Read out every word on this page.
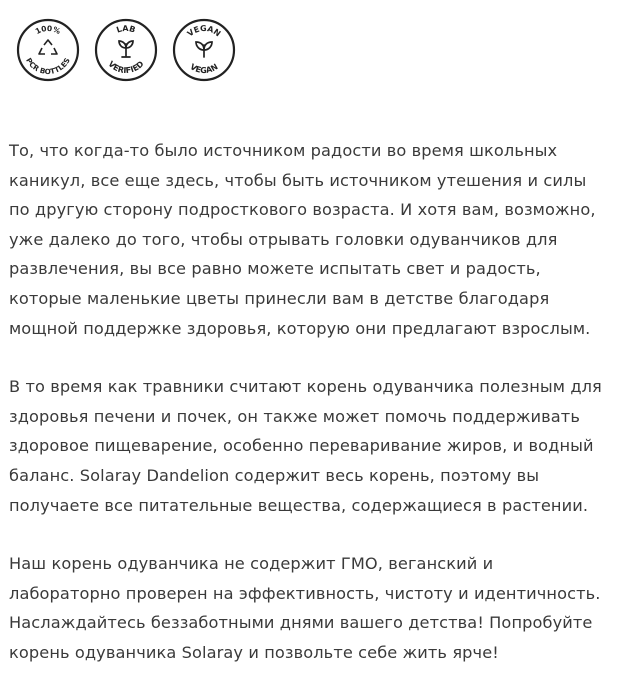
100%
PCR BOTTLES
LAB
VERIFIED
VEGAN
VEGAN

То, что когда-то было источником радости во время школьных каникул, все еще здесь, чтобы быть источником утешения и силы по другую сторону подросткового возраста. И хотя вам, возможно, уже далеко до того, чтобы отрывать головки одуванчиков для развлечения, вы все равно можете испытать свет и радость, которые маленькие цветы принесли вам в детстве благодаря мощной поддержке здоровья, которую они предлагают взрослым.

В то время как травники считают корень одуванчика полезным для здоровья печени и почек, он также может помочь поддерживать здоровое пищеварение, особенно переваривание жиров, и водный баланс. Solaray Dandelion содержит весь корень, поэтому вы получаете все питательные вещества, содержащиеся в растении.

Наш корень одуванчика не содержит ГМО, веганский и лабораторно проверен на эффективность, чистоту и идентичность. Наслаждайтесь беззаботными днями вашего детства! Попробуйте корень одуванчика Solaray и позвольте себе жить ярче!
